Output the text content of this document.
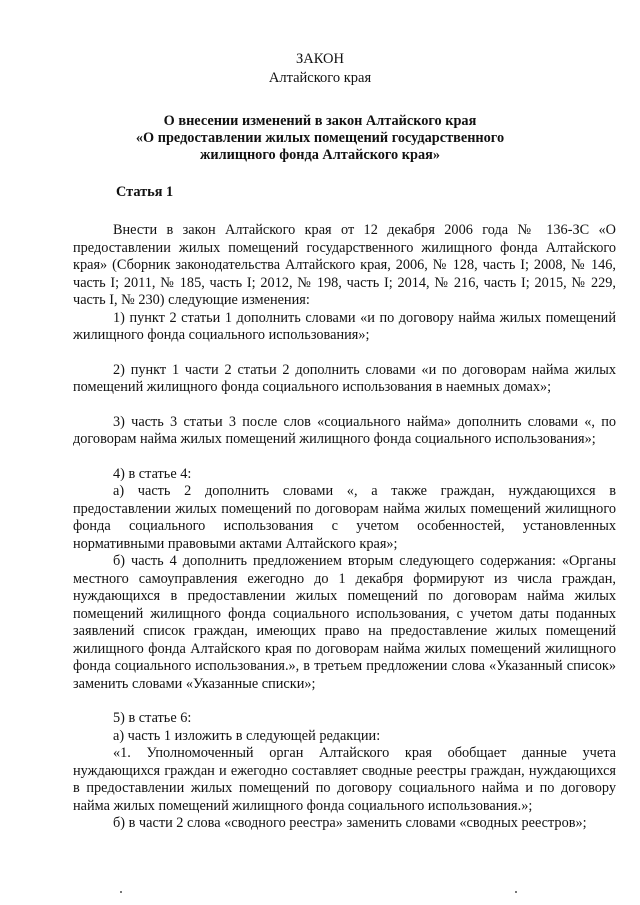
ЗАКОН
Алтайского края
О внесении изменений в закон Алтайского края
«О предоставлении жилых помещений государственного
жилищного фонда Алтайского края»
Статья 1

Внести в закон Алтайского края от 12 декабря 2006 года № 136-ЗС «О предоставлении жилых помещений государственного жилищного фонда Алтайского края» (Сборник законодательства Алтайского края, 2006, № 128, часть I; 2008, № 146, часть I; 2011, № 185, часть I; 2012, № 198, часть I; 2014, № 216, часть I; 2015, № 229, часть I, № 230) следующие изменения:

1) пункт 2 статьи 1 дополнить словами «и по договору найма жилых помещений жилищного фонда социального использования»;

2) пункт 1 части 2 статьи 2 дополнить словами «и по договорам найма жилых помещений жилищного фонда социального использования в наемных домах»;

3) часть 3 статьи 3 после слов «социального найма» дополнить словами «, по договорам найма жилых помещений жилищного фонда социального использования»;

4) в статье 4:

а) часть 2 дополнить словами «, а также граждан, нуждающихся в предоставлении жилых помещений по договорам найма жилых помещений жилищного фонда социального использования с учетом особенностей, установленных нормативными правовыми актами Алтайского края»;

б) часть 4 дополнить предложением вторым следующего содержания: «Органы местного самоуправления ежегодно до 1 декабря формируют из числа граждан, нуждающихся в предоставлении жилых помещений по договорам найма жилых помещений жилищного фонда социального использования, с учетом даты поданных заявлений список граждан, имеющих право на предоставление жилых помещений жилищного фонда Алтайского края по договорам найма жилых помещений жилищного фонда социального использования.», в третьем предложении слова «Указанный список» заменить словами «Указанные списки»;

5) в статье 6:

а) часть 1 изложить в следующей редакции:

«1. Уполномоченный орган Алтайского края обобщает данные учета нуждающихся граждан и ежегодно составляет сводные реестры граждан, нуждающихся в предоставлении жилых помещений по договору социального найма и по договору найма жилых помещений жилищного фонда социального использования.»;

б) в части 2 слова «сводного реестра» заменить словами «сводных реестров»;
